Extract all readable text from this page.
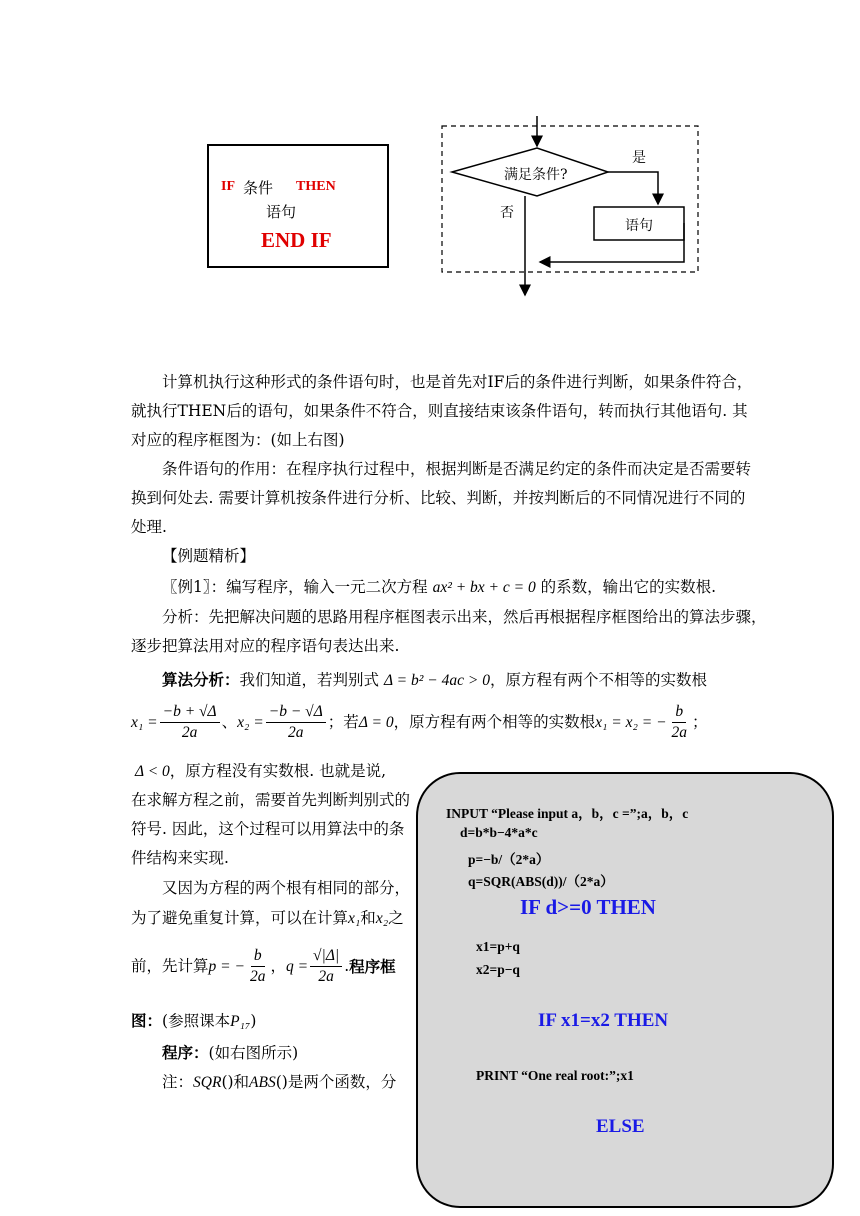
IF 条件 THEN
语句
END IF
满足条件?
是
否
语句
计算机执行这种形式的条件语句时，也是首先对IF后的条件进行判断，如果条件符合，
就执行THEN后的语句，如果条件不符合，则直接结束该条件语句，转而执行其他语句. 其
对应的程序框图为：(如上右图)
条件语句的作用：在程序执行过程中，根据判断是否满足约定的条件而决定是否需要转
换到何处去. 需要计算机按条件进行分析、比较、判断，并按判断后的不同情况进行不同的
处理.
【例题精析】
〖例1〗：编写程序，输入一元二次方程 ax² + bx + c = 0 的系数，输出它的实数根.
分析：先把解决问题的思路用程序框图表示出来，然后再根据程序框图给出的算法步骤，
逐步把算法用对应的程序语句表达出来.
算法分析：我们知道，若判别式 Δ = b² − 4ac > 0，原方程有两个不相等的实数根
$x_1 = \frac{-b + √\Delta}{2a}$ 、 $x_2 = \frac{-b - √\Delta}{2a}$ ；若 Δ = 0 ，原方程有两个相等的实数根 x₁ = x₂ = − $\frac{b}{2a}$ ；
Δ < 0，原方程没有实数根. 也就是说,
在求解方程之前，需要首先判断判别式的
符号. 因此，这个过程可以用算法中的条
件结构来实现.
又因为方程的两个根有相同的部分，
为了避免重复计算，可以在计算x₁和x₂之
前，先计算 p = − $\frac{b}{2a}$ ， $q = \frac{√|\Delta|}{2a}$ . 程序框
图：(参照课本P₁₇)
程序：(如右图所示)
注：SQR()和ABS()是两个函数，分
INPUT “Please input a，b，c =”;a，b，c
d=b*b−4*a*c
p=−b/（2*a）
q=SQR(ABS(d))/（2*a）
IF d>=0 THEN
x1=p+q
x2=p−q
IF x1=x2 THEN
PRINT “One real root:”;x1
ELSE
